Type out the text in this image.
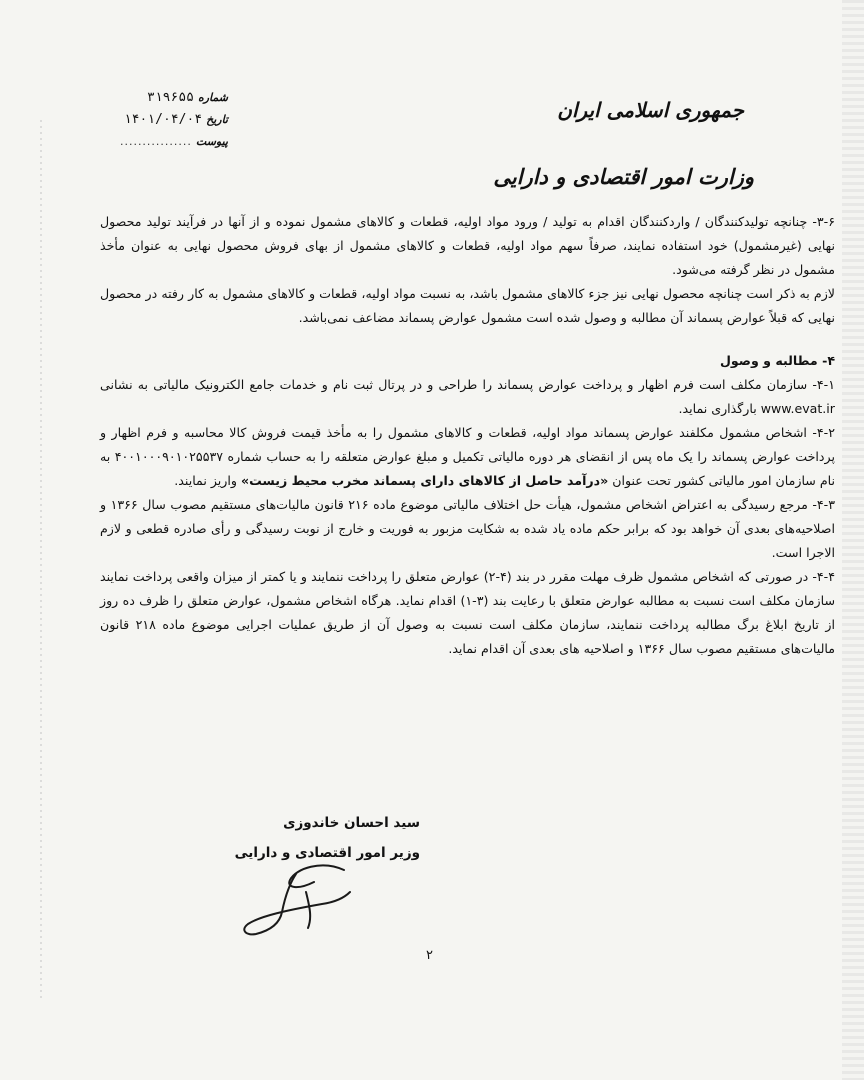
شماره
۳۱۹۶۵۵
تاریخ
۱۴۰۱/۰۴/۰۴
پیوست
................
جمهوری اسلامی ایران
وزارت امور اقتصادی و دارایی

۳-۶- چنانچه تولیدکنندگان / واردکنندگان اقدام به تولید / ورود مواد اولیه، قطعات و کالاهای مشمول نموده و از آنها در فرآیند تولید محصول نهایی (غیرمشمول) خود استفاده نمایند، صرفاً سهم مواد اولیه، قطعات و کالاهای مشمول از بهای فروش محصول نهایی به عنوان مأخذ مشمول در نظر گرفته می‌شود.

لازم به ذکر است چنانچه محصول نهایی نیز جزء کالاهای مشمول باشد، به نسبت مواد اولیه، قطعات و کالاهای مشمول به کار رفته در محصول نهایی که قبلاً عوارض پسماند آن مطالبه و وصول شده است مشمول عوارض پسماند مضاعف نمی‌باشد.

۴- مطالبه و وصول

۴-۱- سازمان مکلف است فرم اظهار و پرداخت عوارض پسماند را طراحی و در پرتال ثبت نام و خدمات جامع الکترونیک مالیاتی به نشانی www.evat.ir بارگذاری نماید.

۴-۲- اشخاص مشمول مکلفند عوارض پسماند مواد اولیه، قطعات و کالاهای مشمول را به مأخذ قیمت فروش کالا محاسبه و فرم اظهار و پرداخت عوارض پسماند را یک ماه پس از انقضای هر دوره مالیاتی تکمیل و مبلغ عوارض متعلقه را به حساب شماره ۴۰۰۱۰۰۰۹۰۱۰۲۵۵۳۷ به نام سازمان امور مالیاتی کشور تحت عنوان «درآمد حاصل از کالاهای دارای پسماند مخرب محیط زیست» واریز نمایند.

۴-۳- مرجع رسیدگی به اعتراض اشخاص مشمول، هیأت حل اختلاف مالیاتی موضوع ماده ۲۱۶ قانون مالیات‌های مستقیم مصوب سال ۱۳۶۶ و اصلاحیه‌های بعدی آن خواهد بود که برابر حکم ماده یاد شده به شکایت مزبور به فوریت و خارج از نوبت رسیدگی و رأی صادره قطعی و لازم الاجرا است.

۴-۴- در صورتی که اشخاص مشمول ظرف مهلت مقرر در بند (۴-۲) عوارض متعلق را پرداخت ننمایند و یا کمتر از میزان واقعی پرداخت نمایند سازمان مکلف است نسبت به مطالبه عوارض متعلق با رعایت بند (۳-۱) اقدام نماید. هرگاه اشخاص مشمول، عوارض متعلق را ظرف ده روز از تاریخ ابلاغ برگ مطالبه پرداخت ننمایند، سازمان مکلف است نسبت به وصول آن از طریق عملیات اجرایی موضوع ماده ۲۱۸ قانون مالیات‌های مستقیم مصوب سال ۱۳۶۶ و اصلاحیه های بعدی آن اقدام نماید.

سید احسان خاندوزی
وزیر امور اقتصادی و دارایی
۲
